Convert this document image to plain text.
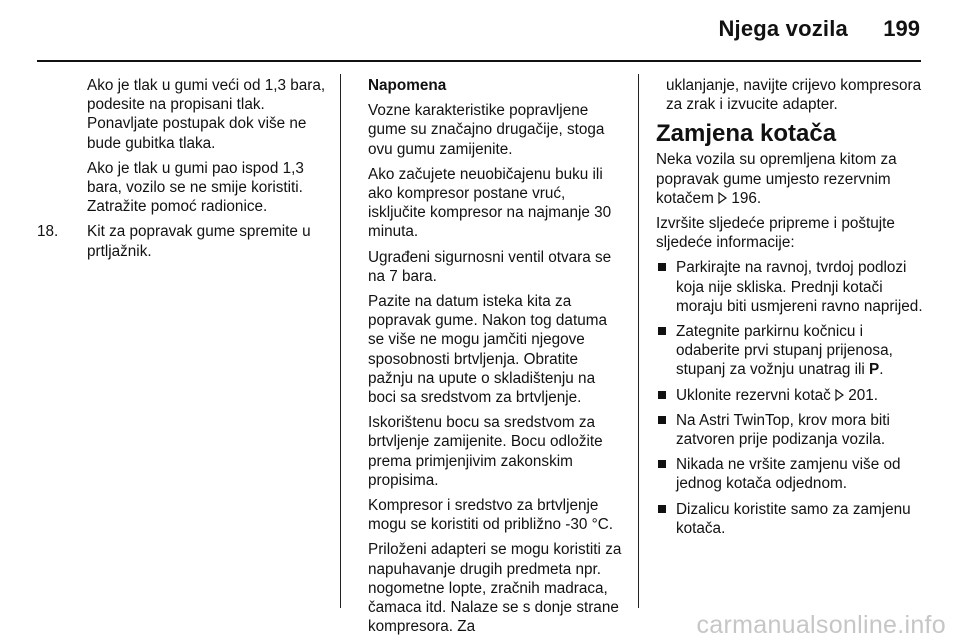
Njega vozila 199

Ako je tlak u gumi veći od 1,3 bara, podesite na propisani tlak. Ponavljate postupak dok više ne bude gubitka tlaka.

Ako je tlak u gumi pao ispod 1,3 bara, vozilo se ne smije koristiti. Zatražite pomoć radionice.

18. Kit za popravak gume spremite u prtljažnik.

Napomena

Vozne karakteristike popravljene gume su značajno drugačije, stoga ovu gumu zamijenite.

Ako začujete neuobičajenu buku ili ako kompresor postane vruć, isključite kompresor na najmanje 30 minuta.

Ugrađeni sigurnosni ventil otvara se na 7 bara.

Pazite na datum isteka kita za popravak gume. Nakon tog datuma se više ne mogu jamčiti njegove sposobnosti brtvljenja. Obratite pažnju na upute o skladištenju na boci sa sredstvom za brtvljenje.

Iskorištenu bocu sa sredstvom za brtvljenje zamijenite. Bocu odložite prema primjenjivim zakonskim propisima.

Kompresor i sredstvo za brtvljenje mogu se koristiti od približno -30 °C.

Priloženi adapteri se mogu koristiti za napuhavanje drugih predmeta npr. nogometne lopte, zračnih madraca, čamaca itd. Nalaze se s donje strane kompresora. Za

uklanjanje, navijte crijevo kompresora za zrak i izvucite adapter.

Zamjena kotača

Neka vozila su opremljena kitom za popravak gume umjesto rezervnim kotačem 196.

Izvršite sljedeće pripreme i poštujte sljedeće informacije:

Parkirajte na ravnoj, tvrdoj podlozi koja nije skliska. Prednji kotači moraju biti usmjereni ravno naprijed.
Zategnite parkirnu kočnicu i odaberite prvi stupanj prijenosa, stupanj za vožnju unatrag ili P.
Uklonite rezervni kotač 201.
Na Astri TwinTop, krov mora biti zatvoren prije podizanja vozila.
Nikada ne vršite zamjenu više od jednog kotača odjednom.
Dizalicu koristite samo za zamjenu kotača.
carmanualsonline.info
